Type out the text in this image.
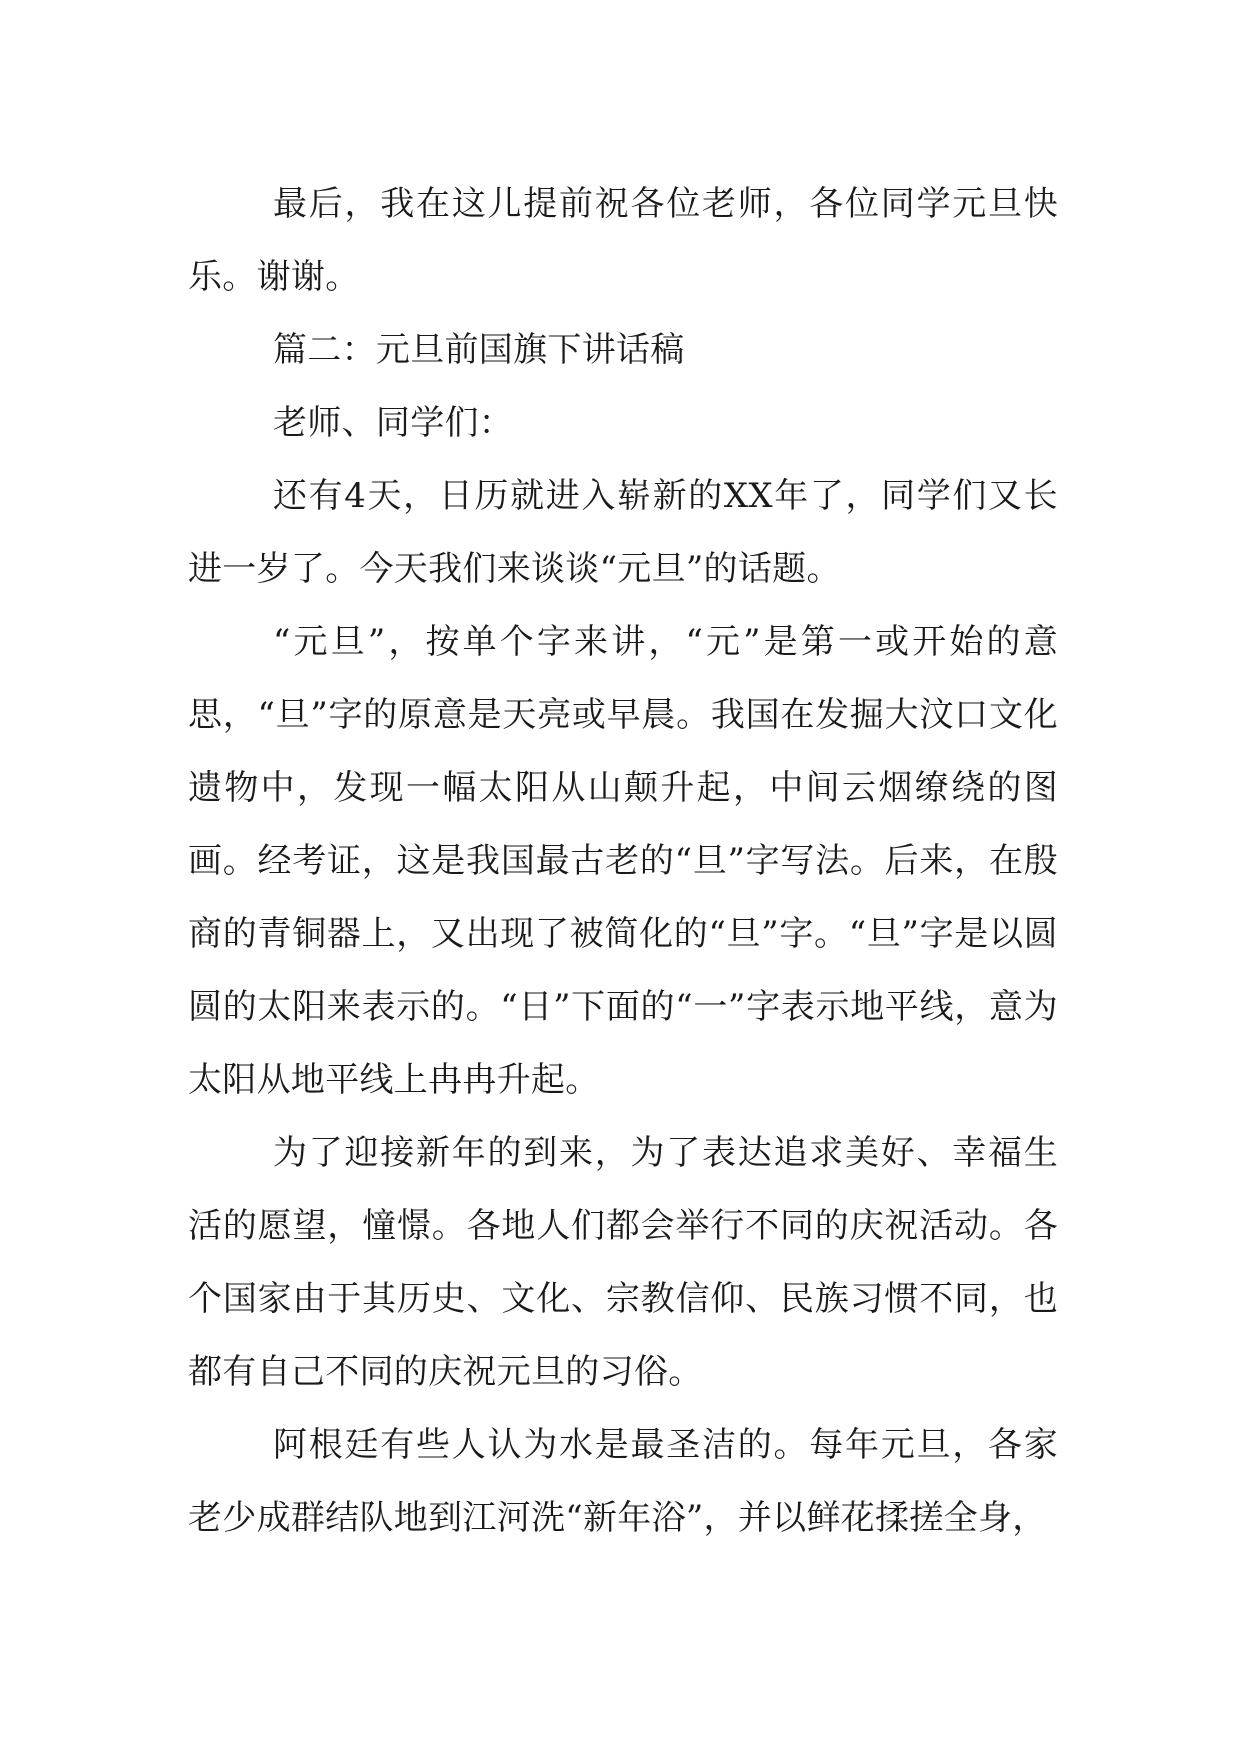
最后，我在这儿提前祝各位老师，各位同学元旦快乐。谢谢。

篇二：元旦前国旗下讲话稿

老师、同学们：

还有4天，日历就进入崭新的XX年了，同学们又长进一岁了。今天我们来谈谈“元旦”的话题。

“元旦”，按单个字来讲，“元”是第一或开始的意思，“旦”字的原意是天亮或早晨。我国在发掘大汶口文化遗物中，发现一幅太阳从山颠升起，中间云烟缭绕的图画。经考证，这是我国最古老的“旦”字写法。后来，在殷商的青铜器上，又出现了被简化的“旦”字。“旦”字是以圆圆的太阳来表示的。“日”下面的“一”字表示地平线，意为太阳从地平线上冉冉升起。

为了迎接新年的到来，为了表达追求美好、幸福生活的愿望，憧憬。各地人们都会举行不同的庆祝活动。各个国家由于其历史、文化、宗教信仰、民族习惯不同，也都有自己不同的庆祝元旦的习俗。

阿根廷有些人认为水是最圣洁的。每年元旦，各家老少成群结队地到江河洗“新年浴”，并以鲜花揉搓全身，
